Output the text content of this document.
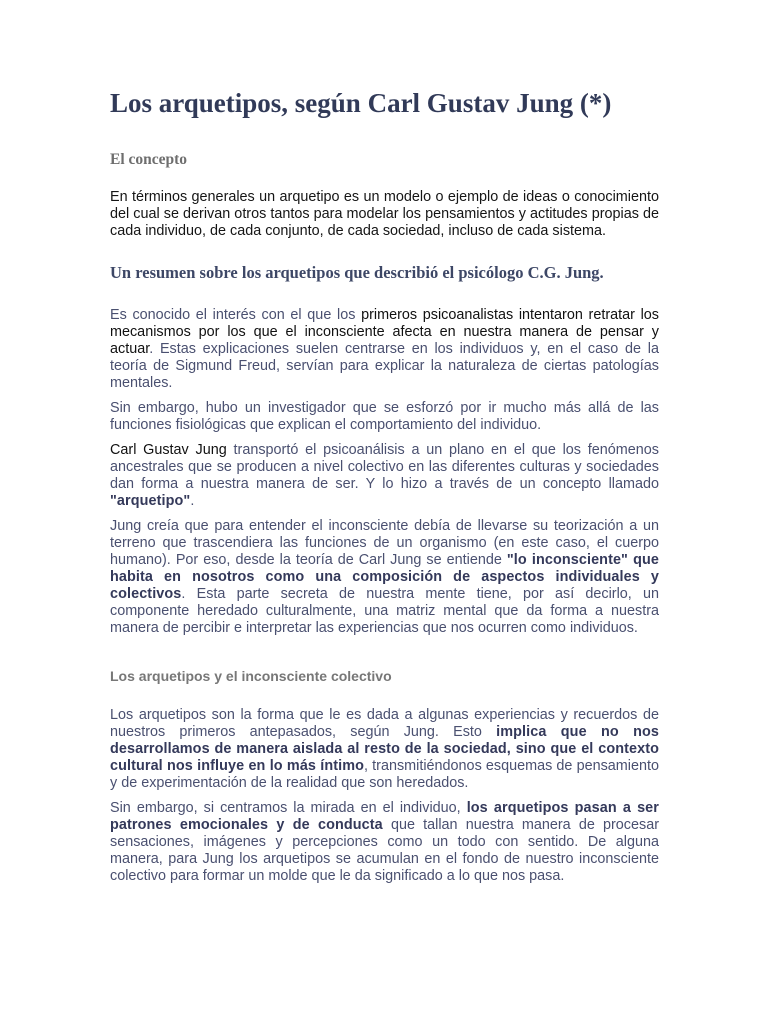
Los arquetipos, según Carl Gustav Jung (*)
El concepto

En términos generales un arquetipo es un modelo o ejemplo de ideas o conocimiento del cual se derivan otros tantos para modelar los pensamientos y actitudes propias de cada individuo, de cada conjunto, de cada sociedad, incluso de cada sistema.

Un resumen sobre los arquetipos que describió el psicólogo C.G. Jung.

Es conocido el interés con el que los primeros psicoanalistas intentaron retratar los mecanismos por los que el inconsciente afecta en nuestra manera de pensar y actuar. Estas explicaciones suelen centrarse en los individuos y, en el caso de la teoría de Sigmund Freud, servían para explicar la naturaleza de ciertas patologías mentales.

Sin embargo, hubo un investigador que se esforzó por ir mucho más allá de las funciones fisiológicas que explican el comportamiento del individuo.

Carl Gustav Jung transportó el psicoanálisis a un plano en el que los fenómenos ancestrales que se producen a nivel colectivo en las diferentes culturas y sociedades dan forma a nuestra manera de ser. Y lo hizo a través de un concepto llamado "arquetipo".

Jung creía que para entender el inconsciente debía de llevarse su teorización a un terreno que trascendiera las funciones de un organismo (en este caso, el cuerpo humano). Por eso, desde la teoría de Carl Jung se entiende "lo inconsciente" que habita en nosotros como una composición de aspectos individuales y colectivos. Esta parte secreta de nuestra mente tiene, por así decirlo, un componente heredado culturalmente, una matriz mental que da forma a nuestra manera de percibir e interpretar las experiencias que nos ocurren como individuos.

Los arquetipos y el inconsciente colectivo

Los arquetipos son la forma que le es dada a algunas experiencias y recuerdos de nuestros primeros antepasados, según Jung. Esto implica que no nos desarrollamos de manera aislada al resto de la sociedad, sino que el contexto cultural nos influye en lo más íntimo, transmitiéndonos esquemas de pensamiento y de experimentación de la realidad que son heredados.

Sin embargo, si centramos la mirada en el individuo, los arquetipos pasan a ser patrones emocionales y de conducta que tallan nuestra manera de procesar sensaciones, imágenes y percepciones como un todo con sentido. De alguna manera, para Jung los arquetipos se acumulan en el fondo de nuestro inconsciente colectivo para formar un molde que le da significado a lo que nos pasa.
